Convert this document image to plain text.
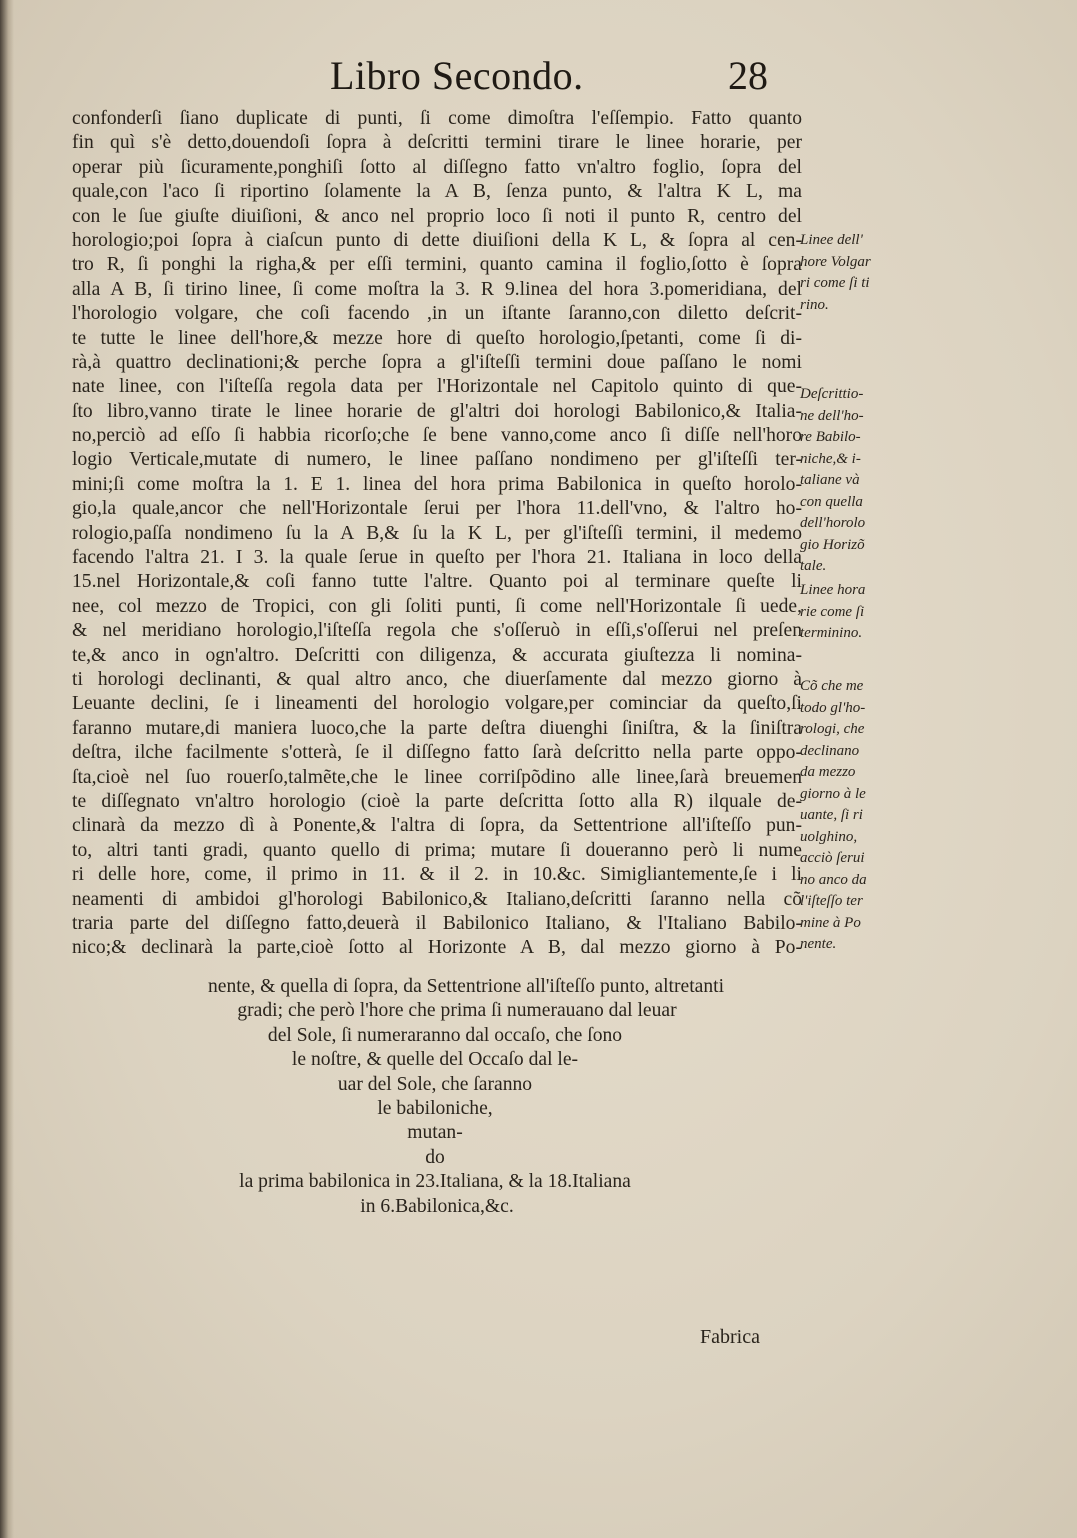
Libro Secondo.	28
confonderſi ſiano duplicate di punti, ſi come dimoſtra l'eſſempio. Fatto quanto
fin quì s'è detto,douendoſi ſopra à deſcritti termini tirare le linee horarie, per
operar più ſicuramente,ponghiſi ſotto al diſſegno fatto vn'altro foglio, ſopra del
quale,con l'aco ſi riportino ſolamente la A B, ſenza punto, & l'altra K L, ma
con le ſue giuſte diuiſioni, & anco nel proprio loco ſi noti il punto R, centro del
horologio;poi ſopra à ciaſcun punto di dette diuiſioni della K L, & ſopra al cen-
tro R, ſi ponghi la righa,& per eſſi termini, quanto camina il foglio,ſotto è ſopra
alla A B, ſi tirino linee, ſi come moſtra la 3. R 9.linea del hora 3.pomeridiana, del
l'horologio volgare, che coſi facendo ,in un iſtante ſaranno,con diletto deſcrit-
te tutte le linee dell'hore,& mezze hore di queſto horologio,ſpetanti, come ſi di-
rà,à quattro declinationi;& perche ſopra a gl'iſteſſi termini doue paſſano le nomi
nate linee, con l'iſteſſa regola data per l'Horizontale nel Capitolo quinto di que-
ſto libro,vanno tirate le linee horarie de gl'altri doi horologi Babilonico,& Italia-
no,perciò ad eſſo ſi habbia ricorſo;che ſe bene vanno,come anco ſi diſſe nell'horo
logio Verticale,mutate di numero, le linee paſſano nondimeno per gl'iſteſſi ter-
mini;ſi come moſtra la 1. E 1. linea del hora prima Babilonica in queſto horolo-
gio,la quale,ancor che nell'Horizontale ſerui per l'hora 11.dell'vno, & l'altro ho-
rologio,paſſa nondimeno ſu la A B,& ſu la K L, per gl'iſteſſi termini, il medemo
facendo l'altra 21. I 3. la quale ſerue in queſto per l'hora 21. Italiana in loco della
15.nel Horizontale,& coſi fanno tutte l'altre. Quanto poi al terminare queſte li
nee, col mezzo de Tropici, con gli ſoliti punti, ſi come nell'Horizontale ſi uede,
& nel meridiano horologio,l'iſteſſa regola che s'oſſeruò in eſſi,s'oſſerui nel preſen
te,& anco in ogn'altro. Deſcritti con diligenza, & accurata giuſtezza li nomina-
ti horologi declinanti, & qual altro anco, che diuerſamente dal mezzo giorno à
Leuante declini, ſe i lineamenti del horologio volgare,per cominciar da queſto,ſi
faranno mutare,di maniera luoco,che la parte deſtra diuenghi ſiniſtra, & la ſiniſtra
deſtra, ilche facilmente s'otterà, ſe il diſſegno fatto ſarà deſcritto nella parte oppo-
ſta,cioè nel ſuo rouerſo,talmẽte,che le linee corriſpõdino alle linee,ſarà breuemen
te diſſegnato vn'altro horologio (cioè la parte deſcritta ſotto alla R) ilquale de-
clinarà da mezzo dì à Ponente,& l'altra di ſopra, da Settentrione all'iſteſſo pun-
to, altri tanti gradi, quanto quello di prima; mutare ſi doueranno però li nume
ri delle hore, come, il primo in 11. & il 2. in 10.&c. Simigliantemente,ſe i li
neamenti di ambidoi gl'horologi Babilonico,& Italiano,deſcritti ſaranno nella cõ
traria parte del diſſegno fatto,deuerà il Babilonico Italiano, & l'Italiano Babilo-
nico;& declinarà la parte,cioè ſotto al Horizonte A B, dal mezzo giorno à Po-
nente, & quella di ſopra, da Settentrione all'iſteſſo punto, altretanti
gradi; che però l'hore che prima ſi numerauano dal leuar
del Sole, ſi numeraranno dal occaſo, che ſono
le noſtre, & quelle del Occaſo dal le-
uar del Sole, che ſaranno
le babiloniche,
mutan-
do
la prima babilonica in 23.Italiana, & la 18.Italiana
in 6.Babilonica,&c.
Linee dell'
hore Volgar
ri come ſi ti
rino.
Deſcrittio-
ne dell'ho-
re Babilo-
niche,& i-
taliane và
con quella
dell'horolo
gio Horizõ
tale.
Linee hora
rie come ſi
terminino.
Cõ che me
todo gl'ho-
rologi, che
declinano
da mezzo
giorno à le
uante, ſi ri
uolghino,
acciò ſerui
no anco da
l'iſteſſo ter
mine à Po
nente.
Fabrica
